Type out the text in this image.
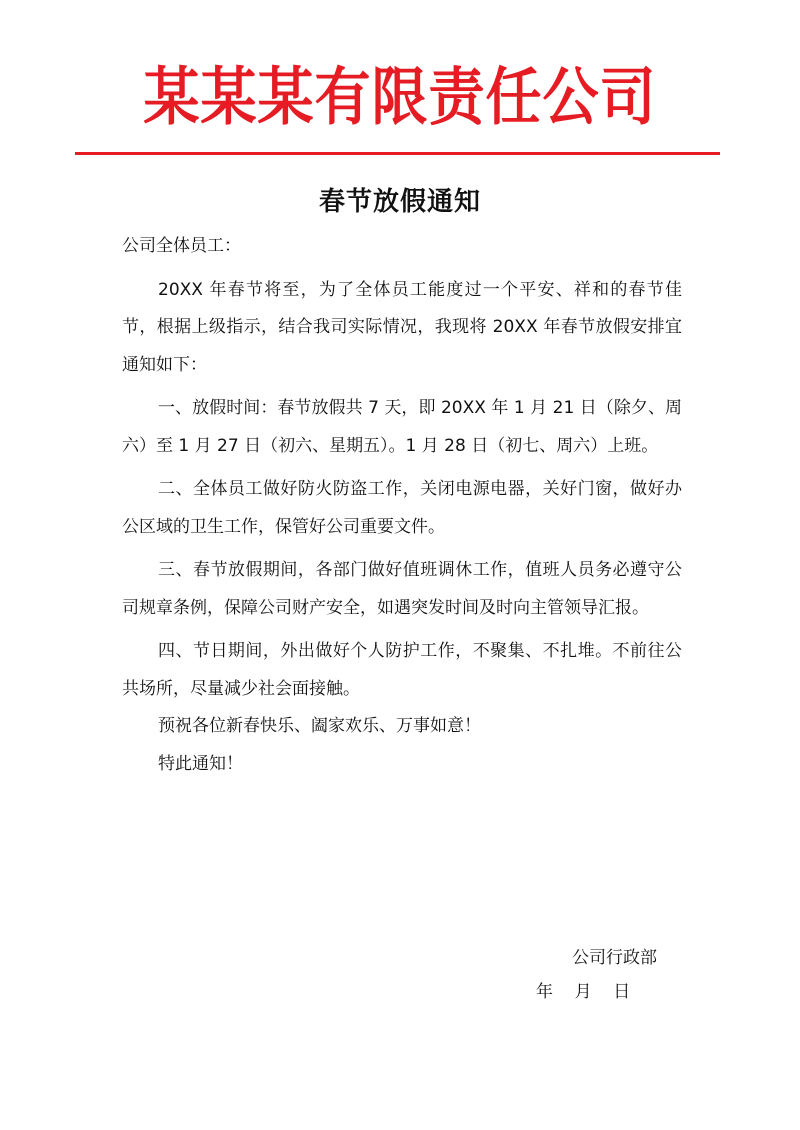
某某某有限责任公司
春节放假通知

公司全体员工：

20XX 年春节将至，为了全体员工能度过一个平安、祥和的春节佳节，根据上级指示，结合我司实际情况，我现将 20XX 年春节放假安排宜通知如下：

一、放假时间：春节放假共 7 天，即 20XX 年 1 月 21 日（除夕、周六）至 1 月 27 日（初六、星期五）。1 月 28 日（初七、周六）上班。

二、全体员工做好防火防盗工作，关闭电源电器，关好门窗，做好办公区域的卫生工作，保管好公司重要文件。

三、春节放假期间，各部门做好值班调休工作，值班人员务必遵守公司规章条例，保障公司财产安全，如遇突发时间及时向主管领导汇报。

四、节日期间，外出做好个人防护工作，不聚集、不扎堆。不前往公共场所，尽量减少社会面接触。

预祝各位新春快乐、阖家欢乐、万事如意！

特此通知！

公司行政部
年    月    日
